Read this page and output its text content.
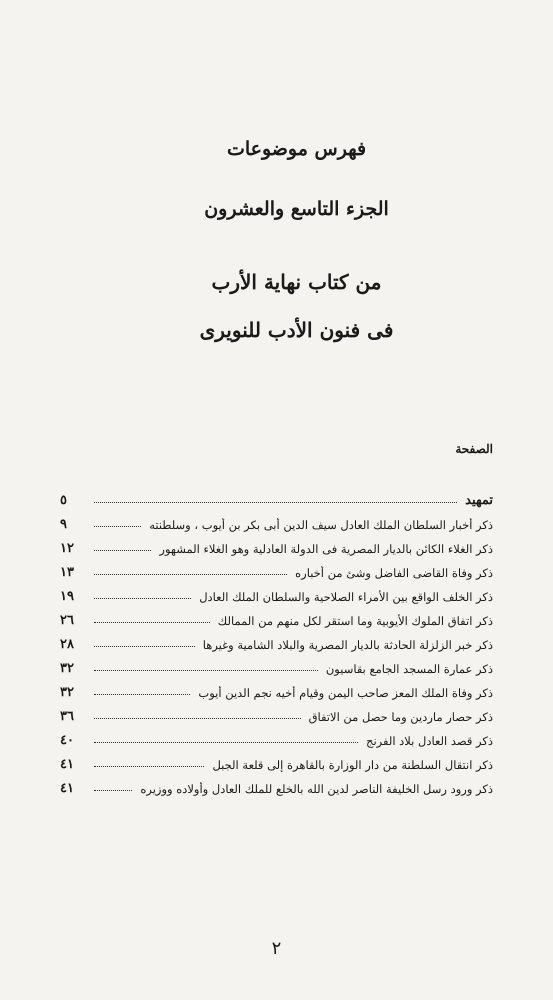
فهرس موضوعات
الجزء التاسع والعشرون
من كتاب نهاية الأرب
فى فنون الأدب للنويرى
الصفحة
تمهيد
٥
ذكر أخبار السلطان الملك العادل سيف الدين أبى بكر بن أيوب ، وسلطنته
٩
ذكر الغلاء الكائن بالديار المصرية فى الدولة العادلية وهو الغلاء المشهور
١٢
ذكر وفاة القاضى الفاضل وشئ من أخباره
١٣
ذكر الخلف الواقع بين الأمراء الصلاحية والسلطان الملك العادل
١٩
ذكر اتفاق الملوك الأيوبية وما استقر لكل منهم من الممالك
٢٦
ذكر خبر الزلزلة الحادثة بالديار المصرية والبلاد الشامية وغيرها
٢٨
ذكر عمارة المسجد الجامع بقاسيون
٣٢
ذكر وفاة الملك المعز صاحب اليمن وقيام أخيه نجم الدين أيوب
٣٢
ذكر حصار ماردين وما حصل من الاتفاق
٣٦
ذكر قصد العادل بلاد الفرنج
٤٠
ذكر انتقال السلطنة من دار الوزارة بالقاهرة إلى قلعة الجبل
٤١
ذكر ورود رسل الخليفة الناصر لدين الله بالخلع للملك العادل وأولاده ووزيره
٤١
٢
